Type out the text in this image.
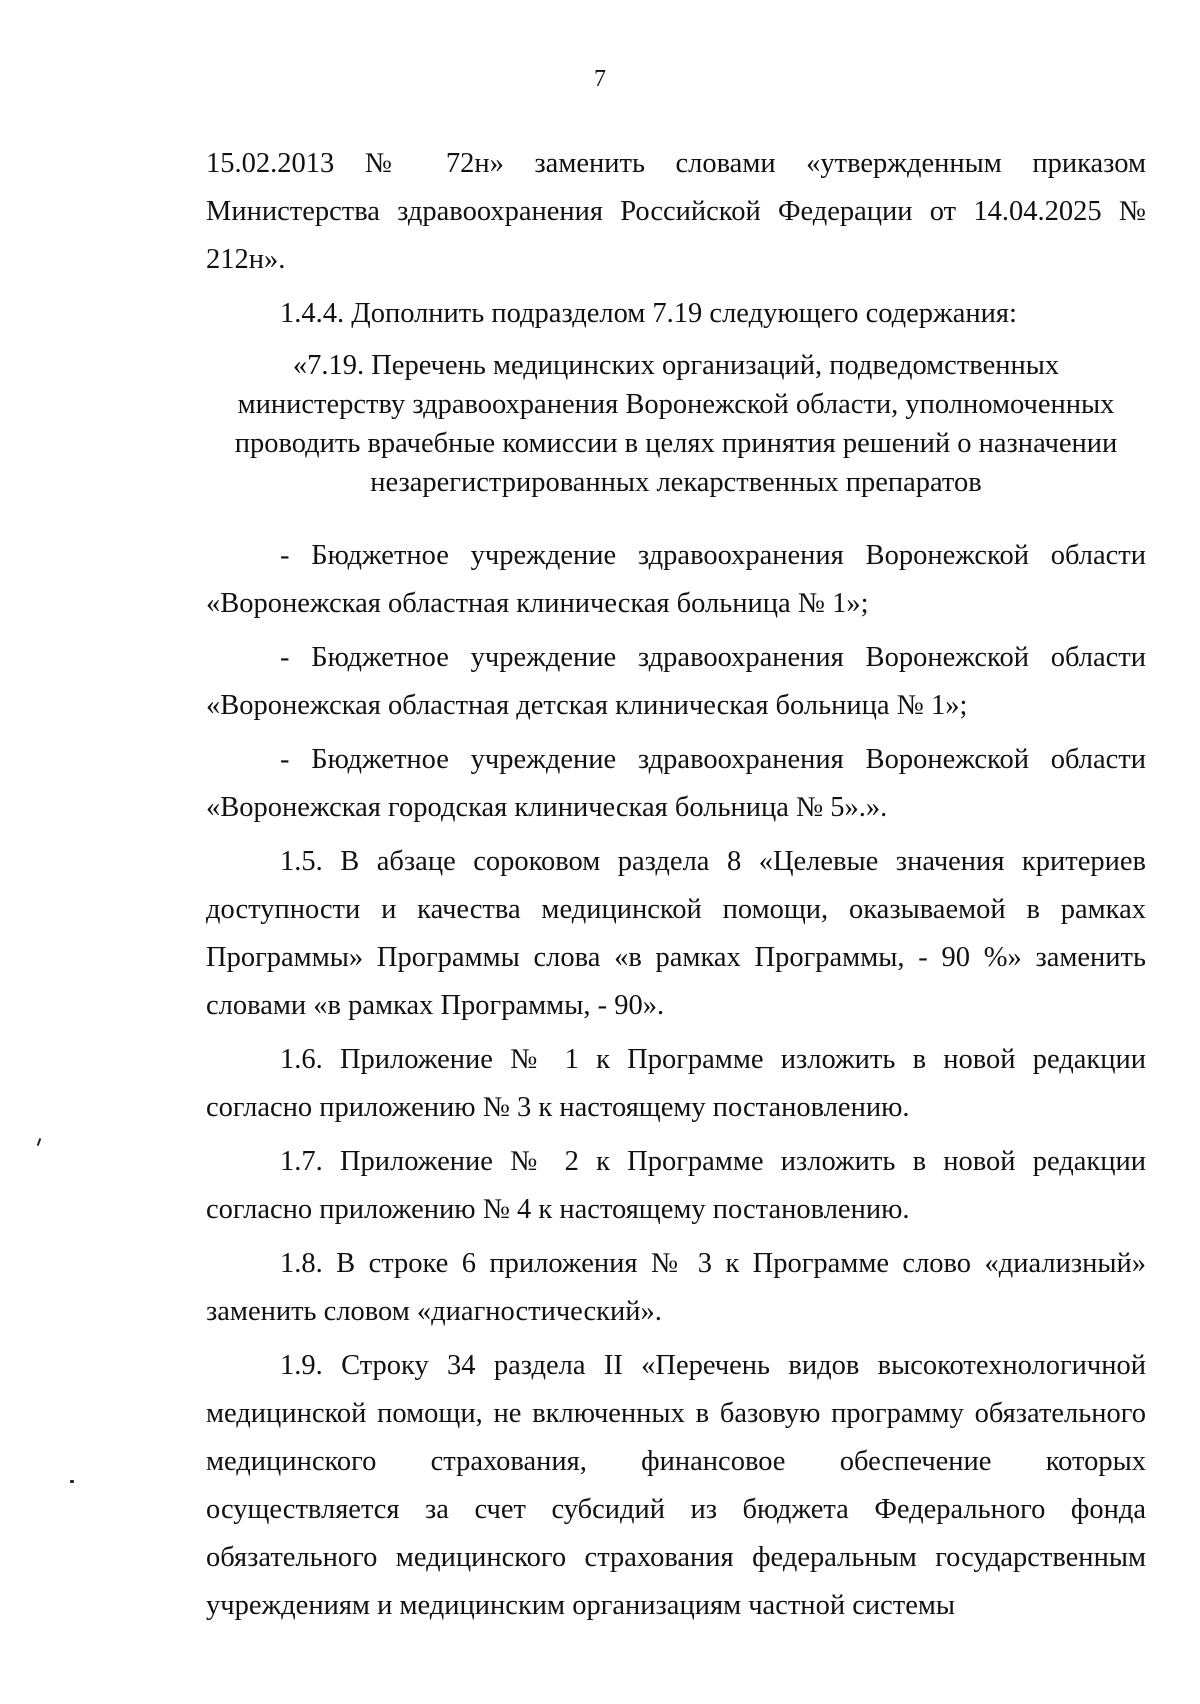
7

15.02.2013 № 72н» заменить словами «утвержденным приказом Министерства здравоохранения Российской Федерации от 14.04.2025 № 212н».

1.4.4. Дополнить подразделом 7.19 следующего содержания:

«7.19. Перечень медицинских организаций, подведомственных

министерству здравоохранения Воронежской области, уполномоченных

проводить врачебные комиссии в целях принятия решений о назначении

незарегистрированных лекарственных препаратов

- Бюджетное учреждение здравоохранения Воронежской области «Воронежская областная клиническая больница № 1»;

- Бюджетное учреждение здравоохранения Воронежской области «Воронежская областная детская клиническая больница № 1»;

- Бюджетное учреждение здравоохранения Воронежской области «Воронежская городская клиническая больница № 5».».

1.5. В абзаце сороковом раздела 8 «Целевые значения критериев доступности и качества медицинской помощи, оказываемой в рамках Программы» Программы слова «в рамках Программы, - 90 %» заменить словами «в рамках Программы, - 90».

1.6. Приложение № 1 к Программе изложить в новой редакции согласно приложению № 3 к настоящему постановлению.

1.7. Приложение № 2 к Программе изложить в новой редакции согласно приложению № 4 к настоящему постановлению.

1.8. В строке 6 приложения № 3 к Программе слово «диализный» заменить словом «диагностический».

1.9. Строку 34 раздела II «Перечень видов высокотехнологичной медицинской помощи, не включенных в базовую программу обязательного медицинского страхования, финансовое обеспечение которых осуществляется за счет субсидий из бюджета Федерального фонда обязательного медицинского страхования федеральным государственным учреждениям и медицинским организациям частной системы
